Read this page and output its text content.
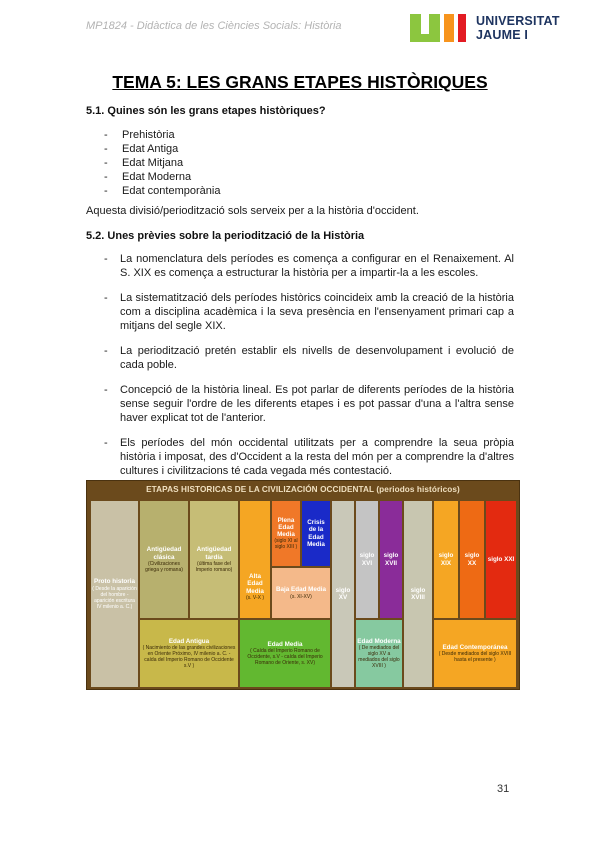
MP1824 - Didàctica de les Ciències Socials: Història	UNIVERSITAT
JAUME I
TEMA 5: LES GRANS ETAPES HISTÒRIQUES
5.1. Quines són les grans etapes històriques?
- Prehistòria
- Edat Antiga
- Edat Mitjana
- Edat Moderna
- Edat contemporània
Aquesta divisió/periodització sols serveix per a la història d'occident.
5.2. Unes prèvies sobre la periodització de la Història
- La nomenclatura dels períodes es comença a configurar en el Renaixement. Al S. XIX es comença a estructurar la història per a impartir-la a les escoles.
- La sistematització dels períodes històrics coincideix amb la creació de la història com a disciplina acadèmica i la seva presència en l'ensenyament primari cap a mitjans del segle XIX.
- La periodització pretén establir els nivells de desenvolupament i evolució de cada poble.
- Concepció de la història lineal. Es pot parlar de diferents períodes de la història sense seguir l'ordre de les diferents etapes i es pot passar d'una a l'altra sense haver explicat tot de l'anterior.
- Els períodes del món occidental utilitzats per a comprendre la seua pròpia història i imposat, des d'Occident a la resta del món per a comprendre la d'altres cultures i civilitzacions té cada vegada més contestació.
ETAPAS HISTORICAS DE LA CIVILIZACIÓN OCCIDENTAL (periodos históricos)
Proto historia
( Desde la aparición del hombre - aparición escritura IV milenio a. C.)
Antigüedad clásica
(Civilizaciones griega y romana)
Antigüedad tardía
(última fase del Imperio romano)
Edad Antigua
( Nacimiento de las grandes civilizaciones en Oriente Próximo, IV milenio a. C. - caída del Imperio Romano de Occidente s.V )
Alta Edad Media
(s. V-X )
Plena Edad Media
(siglo XI al siglo XIII )
Crisis de la Edad Media
Baja Edad Media
(s. XI-XV)
Edad Media
( Caída del Imperio Romano de Occidente, s.V - caída del Imperio Romano de Oriente, s. XV)
siglo XV
siglo XVI
siglo XVII
siglo XVIII
siglo XIX
siglo XX
siglo XXI
Edad Moderna
( De mediados del siglo XV a mediados del siglo XVIII )
Edad Contemporánea
( Desde mediados del siglo XVIII hasta el presente )
31
